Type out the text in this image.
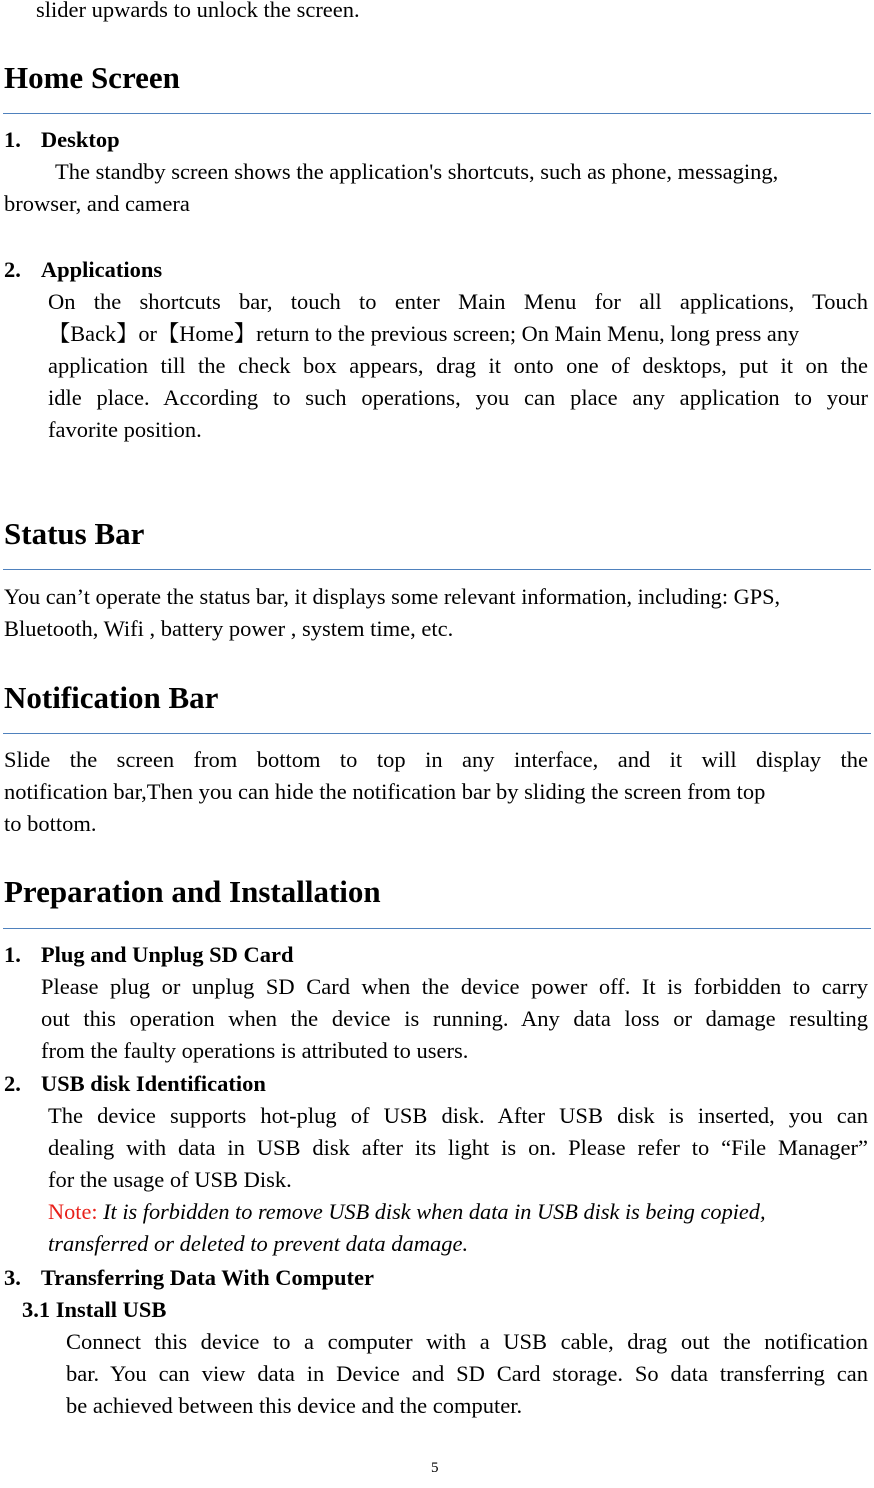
slider upwards to unlock the screen.
Home Screen
1. Desktop
The standby screen shows the application's shortcuts, such as phone, messaging,
browser, and camera
2. Applications
On the shortcuts bar, touch to enter Main Menu for all applications, Touch
【Back】or【Home】return to the previous screen; On Main Menu, long press any
application till the check box appears, drag it onto one of desktops, put it on the
idle place. According to such operations, you can place any application to your
favorite position.
Status Bar
You can’t operate the status bar, it displays some relevant information, including: GPS,
Bluetooth, Wifi , battery power , system time, etc.
Notification Bar
Slide the screen from bottom to top in any interface, and it will display the
notification bar,Then you can hide the notification bar by sliding the screen from top
to bottom.
Preparation and Installation
1. Plug and Unplug SD Card
Please plug or unplug SD Card when the device power off. It is forbidden to carry
out this operation when the device is running. Any data loss or damage resulting
from the faulty operations is attributed to users.
2. USB disk Identification
The device supports hot-plug of USB disk. After USB disk is inserted, you can
dealing with data in USB disk after its light is on. Please refer to “File Manager”
for the usage of USB Disk.
Note: It is forbidden to remove USB disk when data in USB disk is being copied,
transferred or deleted to prevent data damage.
3. Transferring Data With Computer
3.1 Install USB
Connect this device to a computer with a USB cable, drag out the notification
bar. You can view data in Device and SD Card storage. So data transferring can
be achieved between this device and the computer.
5
